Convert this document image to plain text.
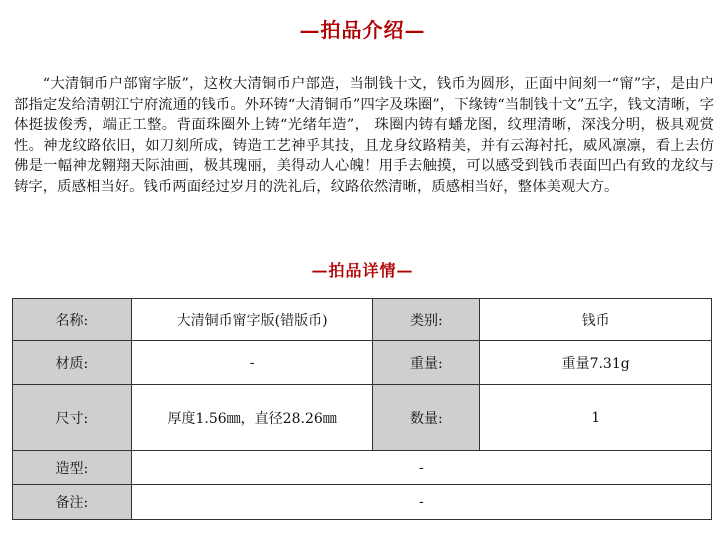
—拍品介绍—

“大清铜币户部甯字版”，这枚大清铜币户部造，当制钱十文，钱币为圆形，正面中间刻一“甯”字，是由户部指定发给清朝江宁府流通的钱币。外环铸“大清铜币”四字及珠圈”，下缘铸“当制钱十文”五字，钱文清晰，字体挺拔俊秀，端正工整。背面珠圈外上铸“光绪年造”， 珠圈内铸有蟠龙图，纹理清晰，深浅分明，极具观赏性。神龙纹路依旧，如刀刻所成，铸造工艺神乎其技，且龙身纹路精美，并有云海衬托，威风凛凛，看上去仿佛是一幅神龙翱翔天际油画，极其瑰丽，美得动人心魄！用手去触摸，可以感受到钱币表面凹凸有致的龙纹与铸字，质感相当好。钱币两面经过岁月的洗礼后，纹路依然清晰，质感相当好，整体美观大方。

—拍品详情—
名称:	大清铜币甯字版(错版币)	类别:	钱币
材质:	-	重量:	重量7.31g
尺寸:	厚度1.56㎜，直径28.26㎜	数量:	1
造型:	-		
备注:	-		
